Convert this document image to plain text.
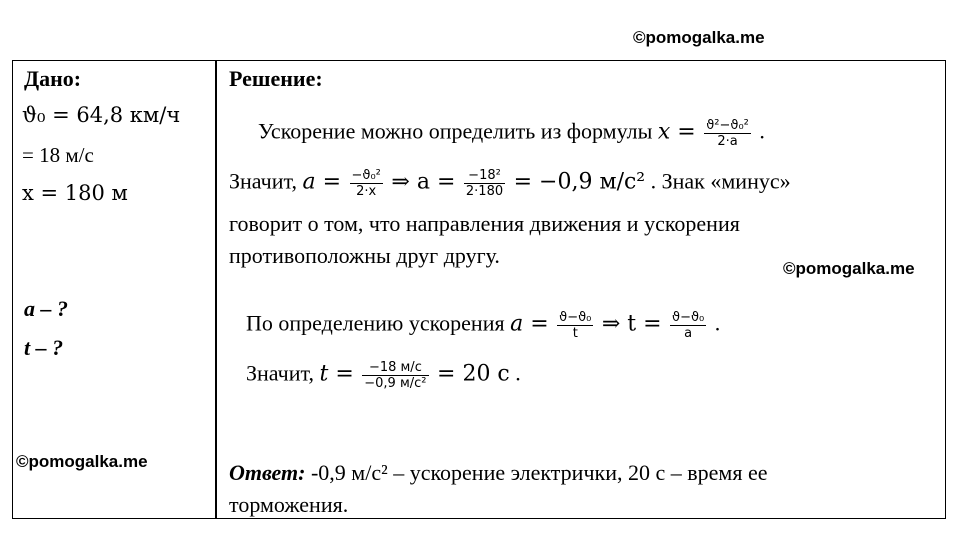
©pomogalka.me
©pomogalka.me
©pomogalka.me
Дано:
ϑ₀ = 64,8 км/ч
= 18 м/с
x = 180 м
a – ?
t – ?
Решение:
Ускорение можно определить из формулы $x = \frac{\text{ϑ²−ϑ₀²}}{2\cdot a}$ .
Значит, $a = \frac{\text{−ϑ₀²}}{2\cdot x}$ ⇒ $a = \frac{\text{−18²}}{2\cdot 180} = -0,9$ м/с² . Знак «минус»
говорит о том, что направления движения и ускорения
противоположны друг другу.
По определению ускорения $a = \frac{\text{ϑ−ϑ₀}}{t}$ ⇒ $t = \frac{\text{ϑ−ϑ₀}}{a}$ .
Значит, $t = \frac{-18 м/с}{\text{−0,9 м/с²}} = 20$ с .
Ответ: -0,9 м/с² – ускорение электрички, 20 с – время ее
торможения.
